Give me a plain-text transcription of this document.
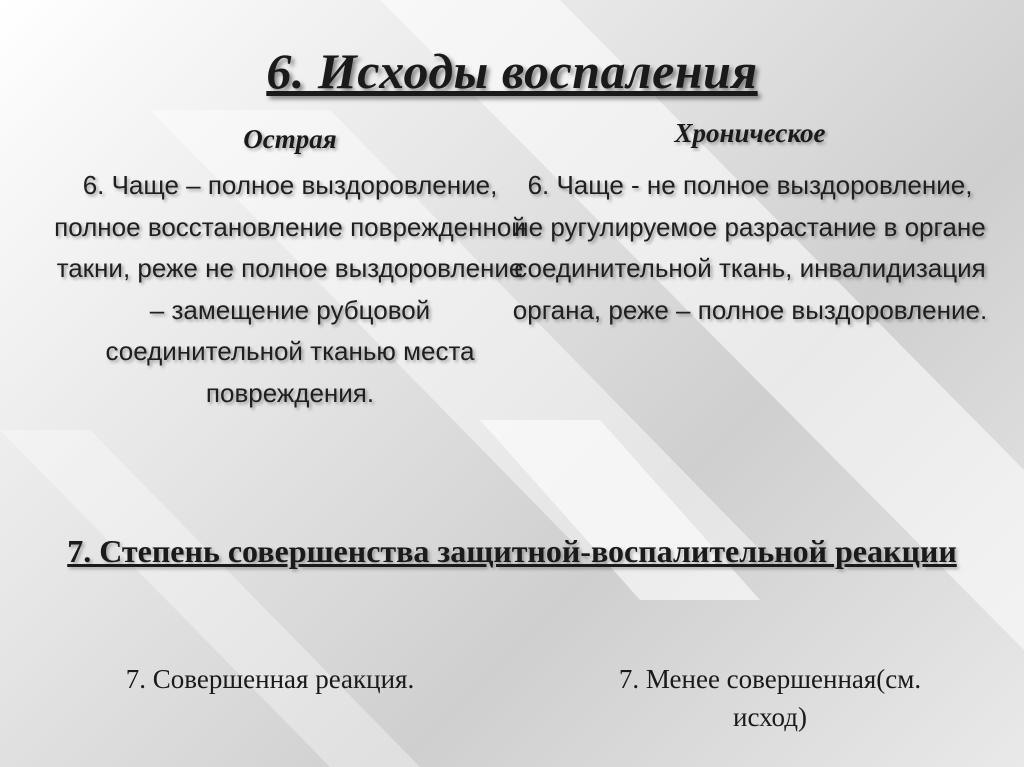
6. Исходы воспаления
Острая
6. Чаще – полное выздоровление, полное восстановление поврежденной такни, реже не полное выздоровление – замещение рубцовой соединительной тканью места повреждения.
Хроническое
6. Чаще - не полное выздоровление, не ругулируемое разрастание в органе соединительной ткань, инвалидизация органа, реже – полное выздоровление.
7. Степень совершенства защитной-воспалительной реакции
7. Совершенная реакция.	7. Менее совершенная(см. исход)
